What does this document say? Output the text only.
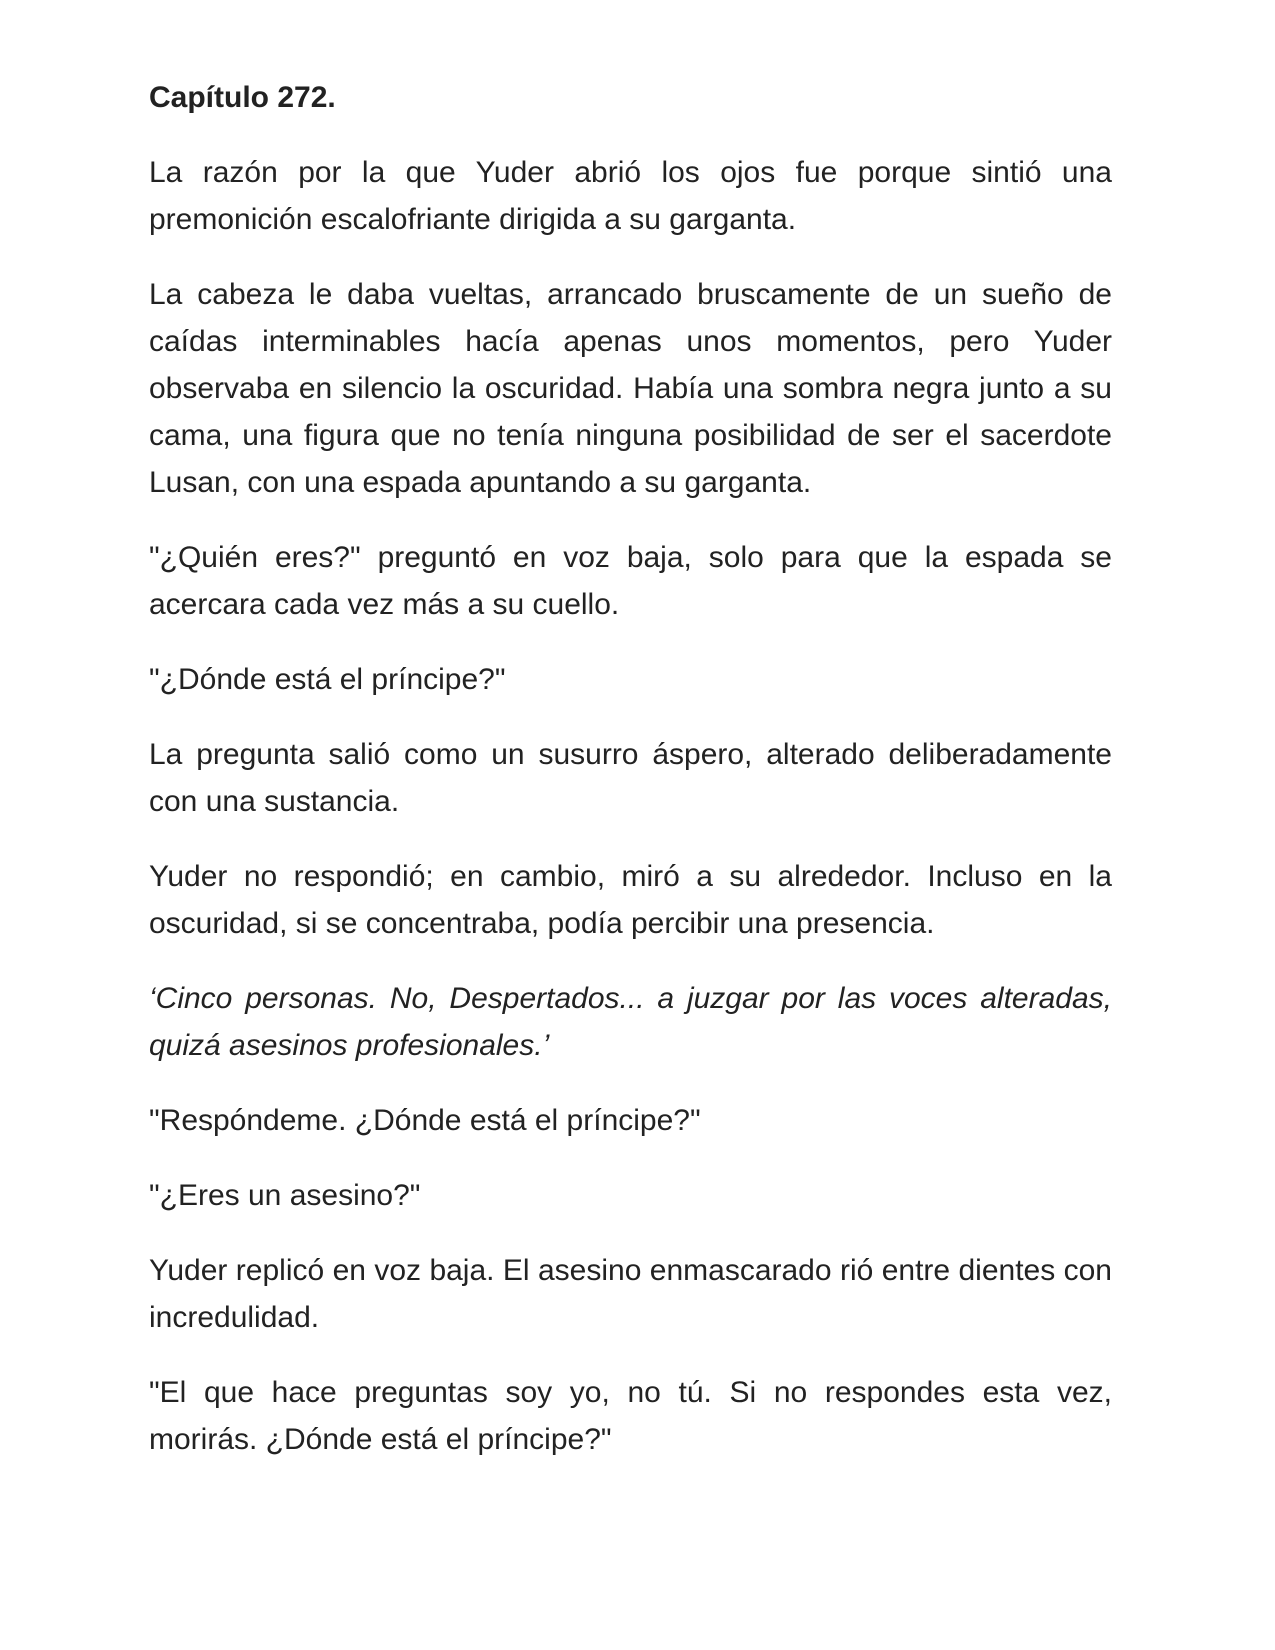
Capítulo 272.

La razón por la que Yuder abrió los ojos fue porque sintió una premonición escalofriante dirigida a su garganta.

La cabeza le daba vueltas, arrancado bruscamente de un sueño de caídas interminables hacía apenas unos momentos, pero Yuder observaba en silencio la oscuridad. Había una sombra negra junto a su cama, una figura que no tenía ninguna posibilidad de ser el sacerdote Lusan, con una espada apuntando a su garganta.

"¿Quién eres?" preguntó en voz baja, solo para que la espada se acercara cada vez más a su cuello.

"¿Dónde está el príncipe?"

La pregunta salió como un susurro áspero, alterado deliberadamente con una sustancia.

Yuder no respondió; en cambio, miró a su alrededor. Incluso en la oscuridad, si se concentraba, podía percibir una presencia.

‘Cinco personas. No, Despertados... a juzgar por las voces alteradas, quizá asesinos profesionales.’

"Respóndeme. ¿Dónde está el príncipe?"

"¿Eres un asesino?"

Yuder replicó en voz baja. El asesino enmascarado rió entre dientes con incredulidad.

"El que hace preguntas soy yo, no tú. Si no respondes esta vez, morirás. ¿Dónde está el príncipe?"
